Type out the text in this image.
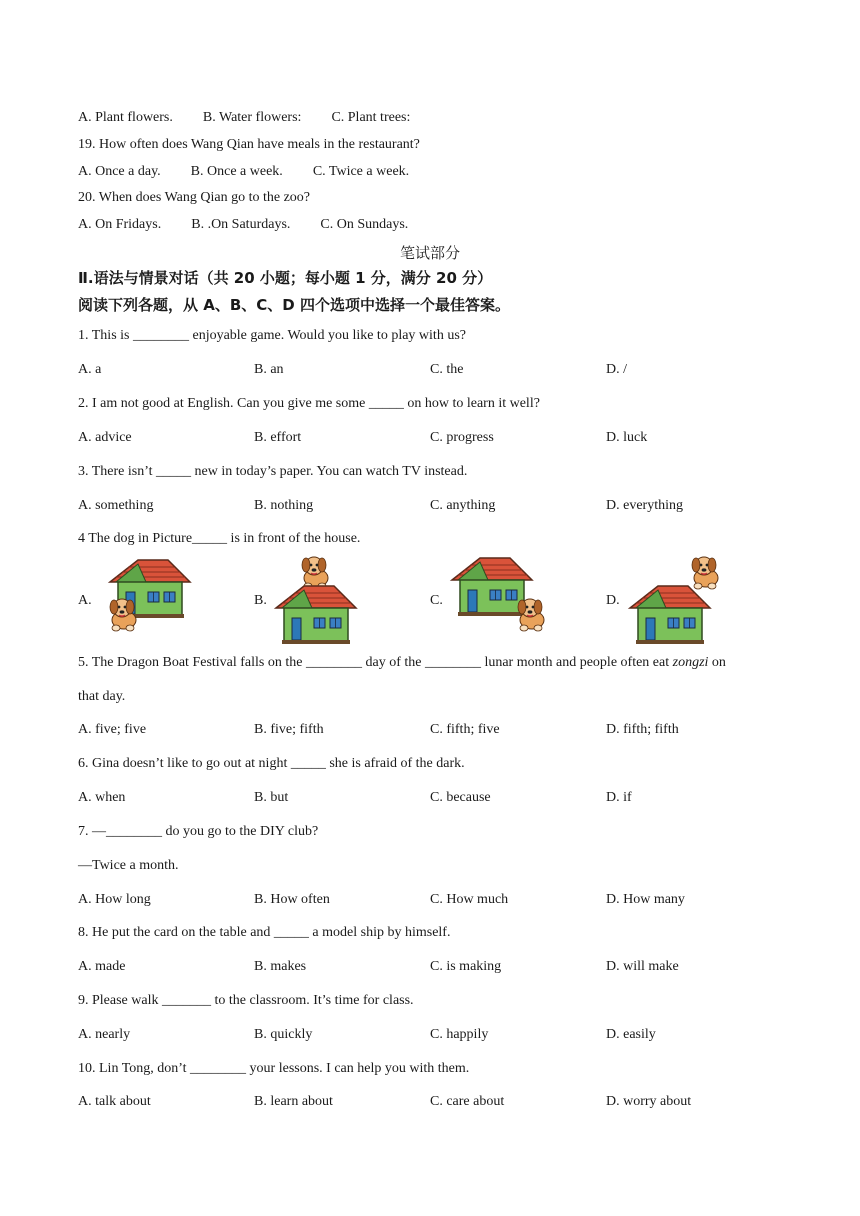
A. Plant flowers. B. Water flowers: C. Plant trees:
19. How often does Wang Qian have meals in the restaurant?
A. Once a day. B. Once a week. C. Twice a week.
20. When does Wang Qian go to the zoo?
A. On Fridays. B. .On Saturdays. C. On Sundays.
笔试部分
Ⅱ.语法与情景对话（共 20 小题；每小题 1 分，满分 20 分）
阅读下列各题，从 A、B、C、D 四个选项中选择一个最佳答案。
1. This is ________ enjoyable game. Would you like to play with us?
A. a	B. an	C. the	D. /
2. I am not good at English. Can you give me some _____ on how to learn it well?
A. advice	B. effort	C. progress	D. luck
3. There isn’t _____ new in today’s paper. You can watch TV instead.
A. something	B. nothing	C. anything	D. everything
4 The dog in Picture_____ is in front of the house.
A.	B.	C.	D.
5. The Dragon Boat Festival falls on the ________ day of the ________ lunar month and people often eat zongzi on
that day.
A. five; five	B. five; fifth	C. fifth; five	D. fifth; fifth
6. Gina doesn’t like to go out at night _____ she is afraid of the dark.
A. when	B. but	C. because	D. if
7. —________ do you go to the DIY club?
—Twice a month.
A. How long	B. How often	C. How much	D. How many
8. He put the card on the table and _____ a model ship by himself.
A. made	B. makes	C. is making	D. will make
9. Please walk _______ to the classroom. It’s time for class.
A. nearly	B. quickly	C. happily	D. easily
10. Lin Tong, don’t ________ your lessons. I can help you with them.
A. talk about	B. learn about	C. care about	D. worry about
